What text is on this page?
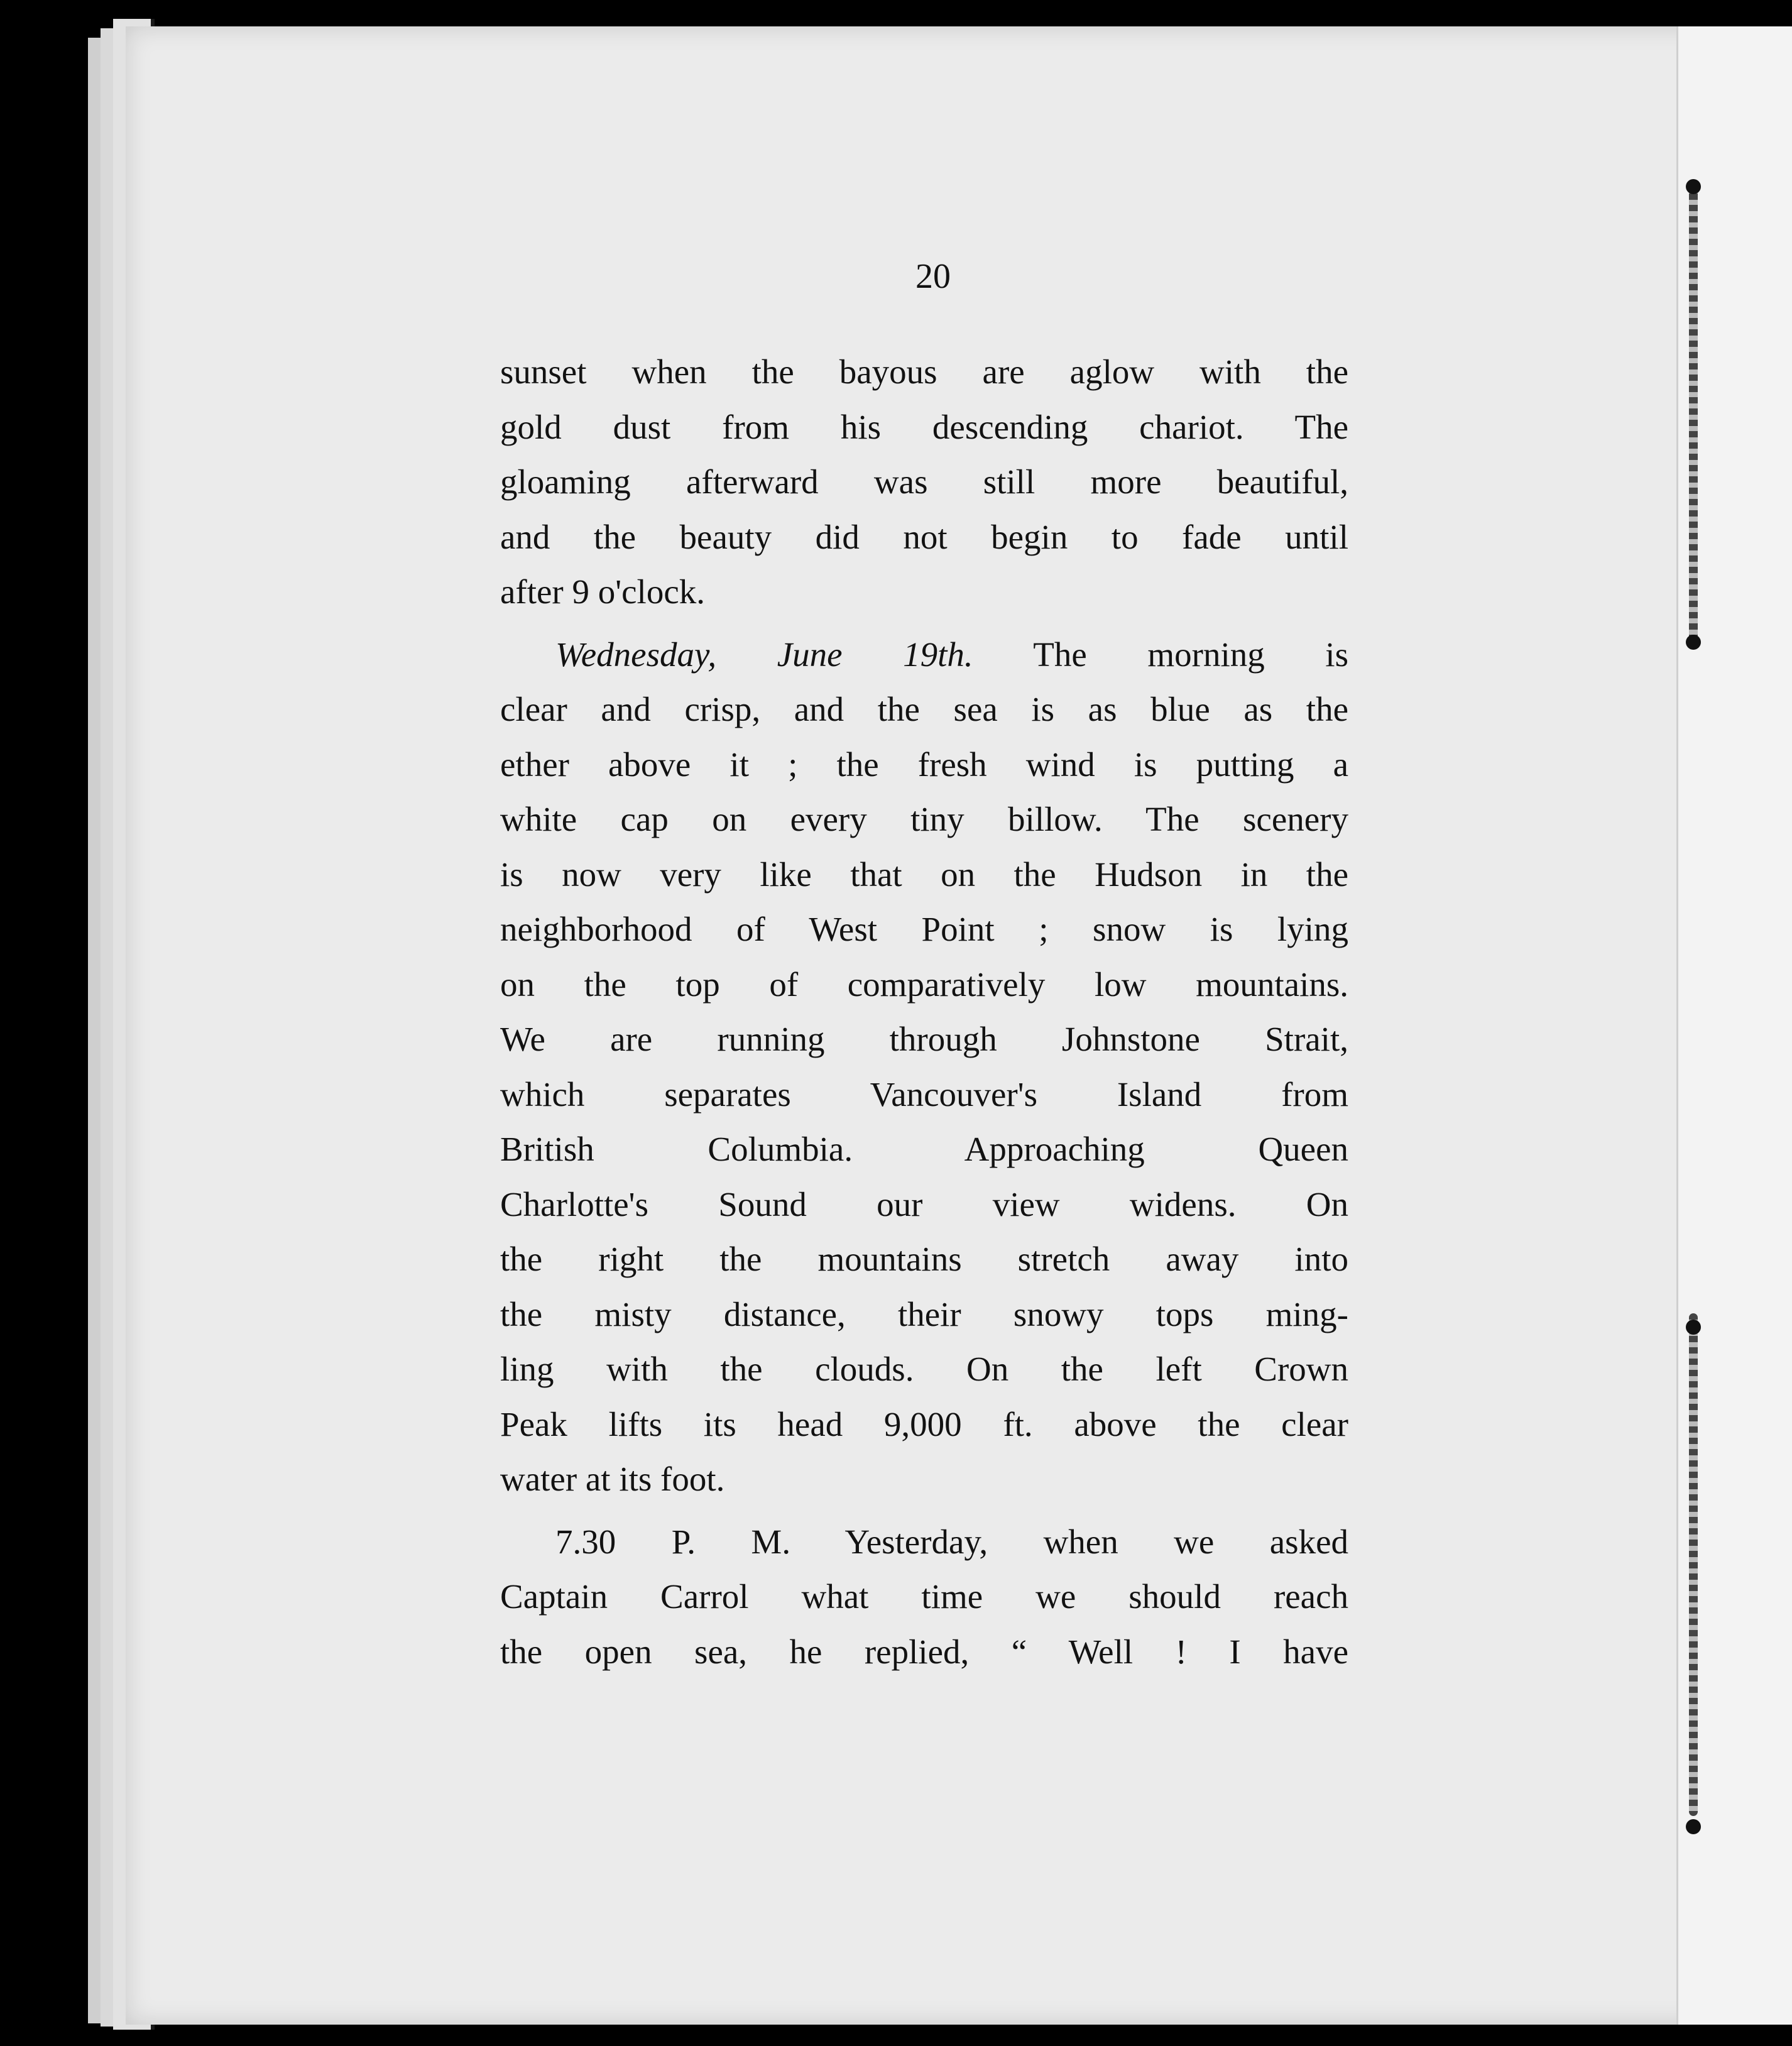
20
sunset when the bayous are aglow with the
gold dust from his descending chariot. The
gloaming afterward was still more beautiful,
and the beauty did not begin to fade until
after 9 o'clock.
Wednesday, June 19th. The morning is
clear and crisp, and the sea is as blue as the
ether above it ; the fresh wind is putting a
white cap on every tiny billow. The scenery
is now very like that on the Hudson in the
neighborhood of West Point ; snow is lying
on the top of comparatively low mountains.
We are running through Johnstone Strait,
which separates Vancouver's Island from
British Columbia. Approaching Queen
Charlotte's Sound our view widens. On
the right the mountains stretch away into
the misty distance, their snowy tops ming-
ling with the clouds. On the left Crown
Peak lifts its head 9,000 ft. above the clear
water at its foot.
7.30 P. M. Yesterday, when we asked
Captain Carrol what time we should reach
the open sea, he replied, “ Well ! I have
